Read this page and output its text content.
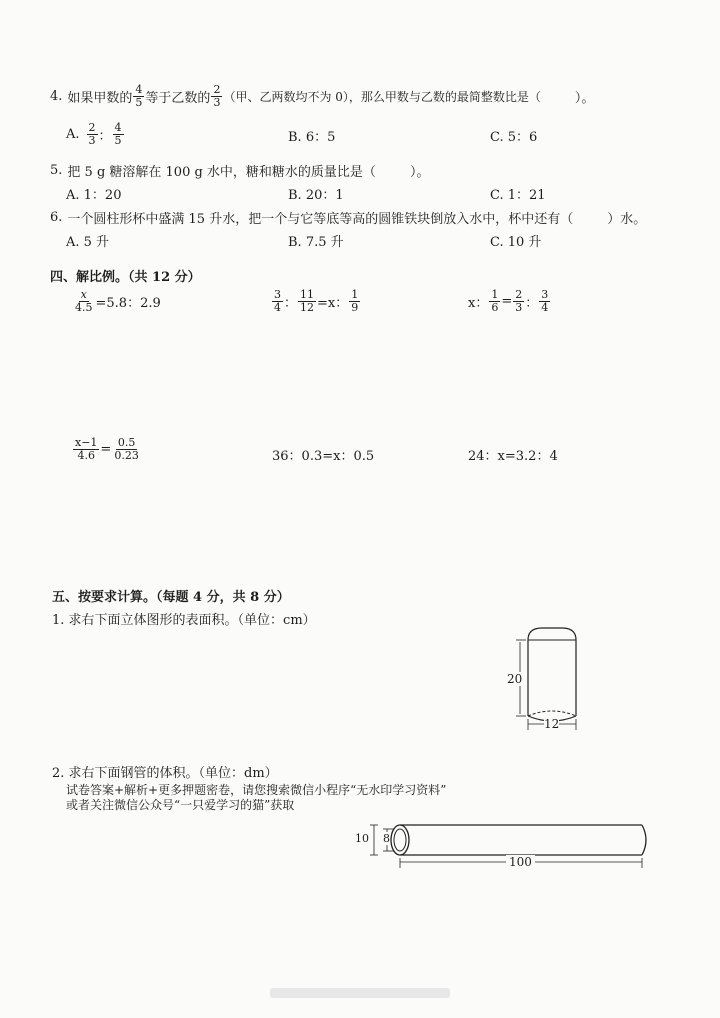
4. 如果甲数的 $\frac{4}{5}$ 等于乙数的 $\frac{2}{3}$ （甲、乙两数均不为 0），那么甲数与乙数的最简整数比是（	）。
A. $\frac{2}{3}$ ： $\frac{4}{5}$	B. 6：5	C. 5：6
5. 把 5 g 糖溶解在 100 g 水中，糖和糖水的质量比是（	）。
A. 1：20	B. 20：1	C. 1：21
6. 一个圆柱形杯中盛满 15 升水，把一个与它等底等高的圆锥铁块倒放入水中，杯中还有（	）水。
A. 5 升	B. 7.5 升	C. 10 升
四、解比例。（共 12 分）
$\frac{x}{4.5} =5.8$：2.9	$\frac{3}{4}$ ： $\frac{11}{12} =x$： $\frac{1}{9}$	x： $\frac{1}{6} = \frac{2}{3}$ ： $\frac{3}{4}$
$\frac{x-1}{4.6} = \frac{0.5}{0.23}$	36：0.3=x：0.5	24：x=3.2：4
五、按要求计算。（每题 4 分，共 8 分）
1. 求右下面立体图形的表面积。（单位：cm）
20
12
2. 求右下面钢管的体积。（单位：dm）
试卷答案+解析+更多押题密卷，请您搜索微信小程序“无水印学习资料”
或者关注微信公众号“一只爱学习的猫”获取
10 8
100
